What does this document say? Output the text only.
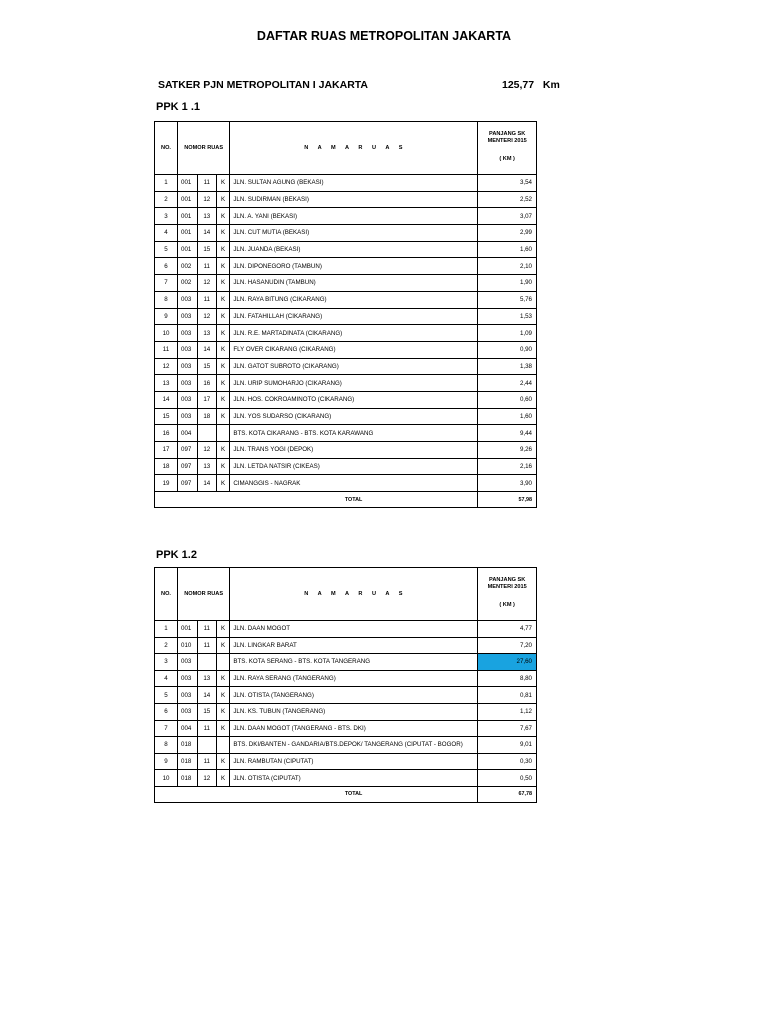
DAFTAR RUAS METROPOLITAN JAKARTA
SATKER PJN METROPOLITAN I JAKARTA	125,77   Km
PPK 1 .1
NO.	NOMOR RUAS			N A M A R U A S	PANJANG SK MENTERI 2015
( KM )

1	001	11	K	JLN. SULTAN AGUNG (BEKASI)	3,54
2	001	12	K	JLN. SUDIRMAN (BEKASI)	2,52
3	001	13	K	JLN. A. YANI (BEKASI)	3,07
4	001	14	K	JLN. CUT MUTIA (BEKASI)	2,99
5	001	15	K	JLN. JUANDA (BEKASI)	1,60
6	002	11	K	JLN. DIPONEGORO (TAMBUN)	2,10
7	002	12	K	JLN. HASANUDIN (TAMBUN)	1,90
8	003	11	K	JLN. RAYA BITUNG (CIKARANG)	5,76
9	003	12	K	JLN. FATAHILLAH (CIKARANG)	1,53
10	003	13	K	JLN. R.E. MARTADINATA (CIKARANG)	1,09
11	003	14	K	FLY OVER CIKARANG (CIKARANG)	0,90
12	003	15	K	JLN. GATOT SUBROTO (CIKARANG)	1,38
13	003	16	K	JLN. URIP SUMOHARJO (CIKARANG)	2,44
14	003	17	K	JLN. HOS. COKROAMINOTO (CIKARANG)	0,60
15	003	18	K	JLN. YOS SUDARSO (CIKARANG)	1,60
16	004			BTS. KOTA CIKARANG - BTS. KOTA KARAWANG	9,44
17	097	12	K	JLN. TRANS YOGI (DEPOK)	9,26
18	097	13	K	JLN. LETDA NATSIR (CIKEAS)	2,16
19	097	14	K	CIMANGGIS - NAGRAK	3,90
				TOTAL	57,98
PPK 1.2
NO.	NOMOR RUAS			N A M A R U A S	PANJANG SK MENTERI 2015
( KM )

1	001	11	K	JLN. DAAN MOGOT	4,77
2	010	11	K	JLN. LINGKAR BARAT	7,20
3	003			BTS. KOTA SERANG - BTS. KOTA TANGERANG	27,60
4	003	13	K	JLN. RAYA SERANG (TANGERANG)	8,80
5	003	14	K	JLN. OTISTA (TANGERANG)	0,81
6	003	15	K	JLN. KS. TUBUN (TANGERANG)	1,12
7	004	11	K	JLN. DAAN MOGOT (TANGERANG - BTS. DKI)	7,67
8	018			BTS. DKI/BANTEN - GANDARIA/BTS.DEPOK/ TANGERANG (CIPUTAT - BOGOR)	9,01
9	018	11	K	JLN. RAMBUTAN (CIPUTAT)	0,30
10	018	12	K	JLN. OTISTA (CIPUTAT)	0,50
				TOTAL	67,78
